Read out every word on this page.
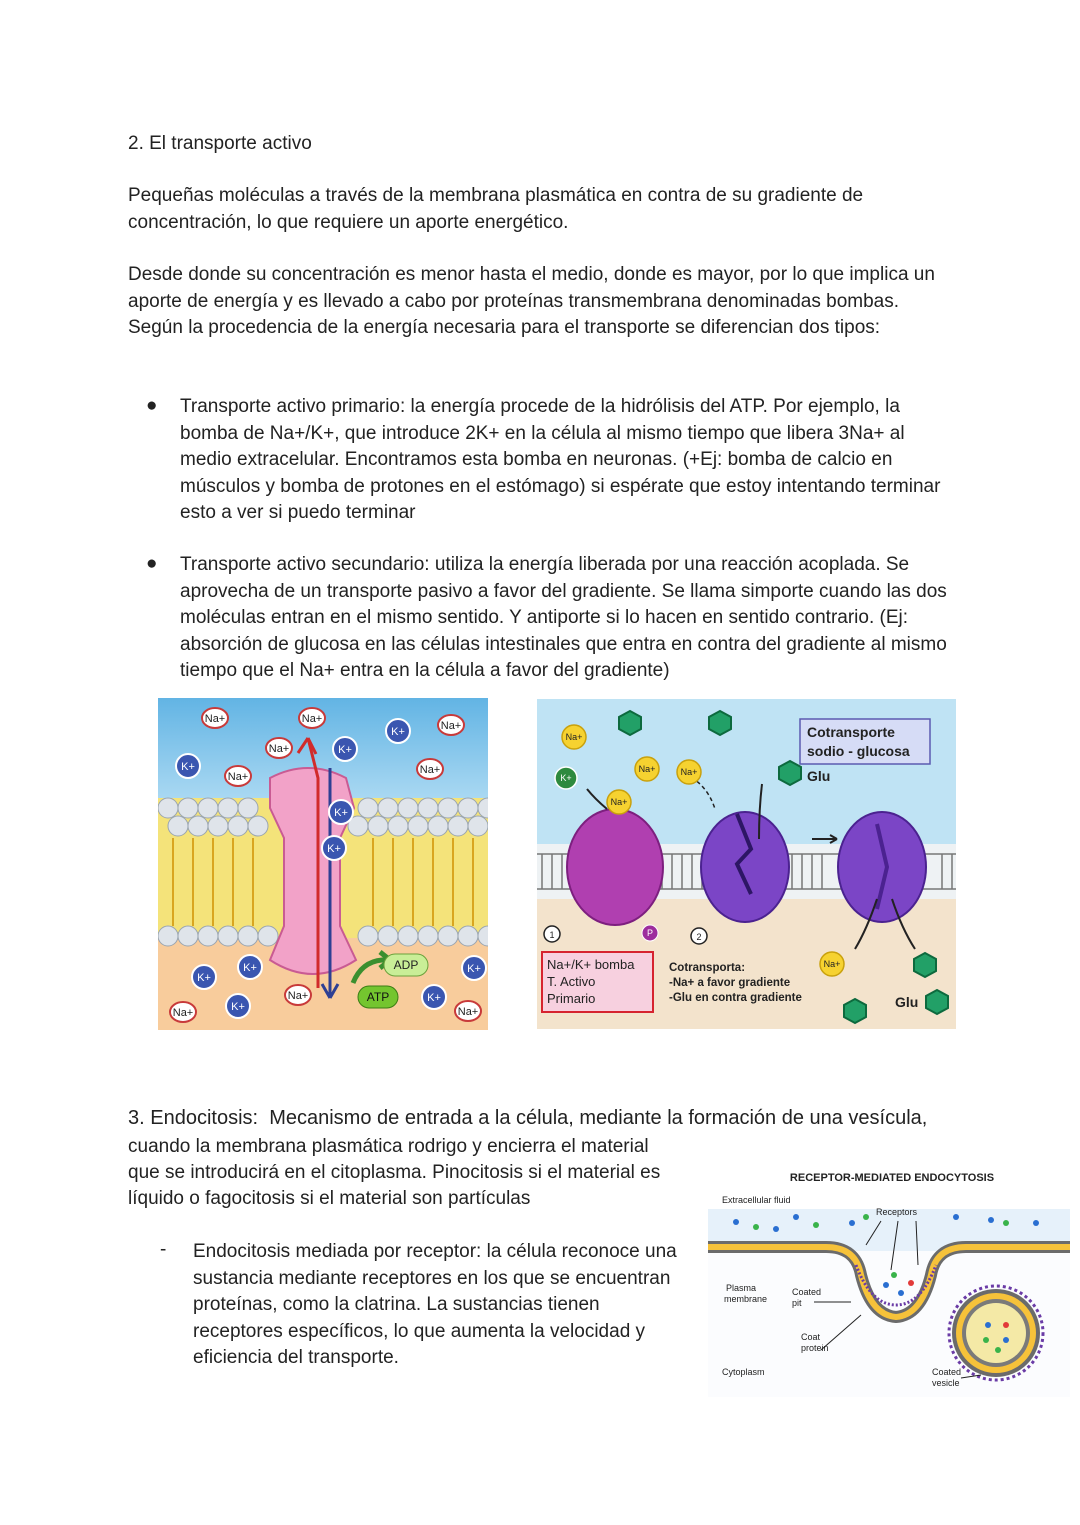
2. El transporte activo

Pequeñas moléculas a través de la membrana plasmática en contra de su gradiente de concentración, lo que requiere un aporte energético.

Desde donde su concentración es menor hasta el medio, donde es mayor, por lo que implica un aporte de energía y es llevado a cabo por proteínas transmembrana denominadas bombas. Según la procedencia de la energía necesaria para el transporte se diferencian dos tipos:

● Transporte activo primario: la energía procede de la hidrólisis del ATP. Por ejemplo, la bomba de Na+/K+, que introduce 2K+ en la célula al mismo tiempo que libera 3Na+ al medio extracelular. Encontramos esta bomba en neuronas. (+Ej: bomba de calcio en músculos y bomba de protones en el estómago) si espérate que estoy intentando terminar esto a ver si puedo terminar

● Transporte activo secundario: utiliza la energía liberada por una reacción acoplada. Se aprovecha de un transporte pasivo a favor del gradiente. Se llama simporte cuando las dos moléculas entran en el mismo sentido. Y antiporte si lo hacen en sentido contrario. (Ej: absorción de glucosa en las células intestinales que entra en contra del gradiente al mismo tiempo que el Na+ entra en la célula a favor del gradiente)

Na+	Na+
Na+
Na+
Na+
Na+
Na+
Na+	Na+
K+
K+
K+
K+
K+
K+
K+
K+
K+
K+
ADP
ATP
Na+
Na+	Na+
Na+
Na+
1	2
K+
P
Cotransporte
sodio - glucosa
Glu
Glu
Na+/K+ bomba
T. Activo
Primario
Cotransporta:
-Na+ a favor gradiente
-Glu en contra gradiente

3. Endocitosis: Mecanismo de entrada a la célula, mediante la formación de una vesícula,

cuando la membrana plasmática rodrigo y encierra el material

que se introducirá en el citoplasma. Pinocitosis si el material es

líquido o fagocitosis si el material son partículas

- Endocitosis mediada por receptor: la célula reconoce una sustancia mediante receptores en los que se encuentran proteínas, como la clatrina. La sustancias tienen receptores específicos, lo que aumenta la velocidad y eficiencia del transporte.

RECEPTOR-MEDIATED ENDOCYTOSIS
Extracellular fluid
Receptors
Plasma
membrane
Coated
pit
Coat
protein
Cytoplasm	Coated
vesicle
